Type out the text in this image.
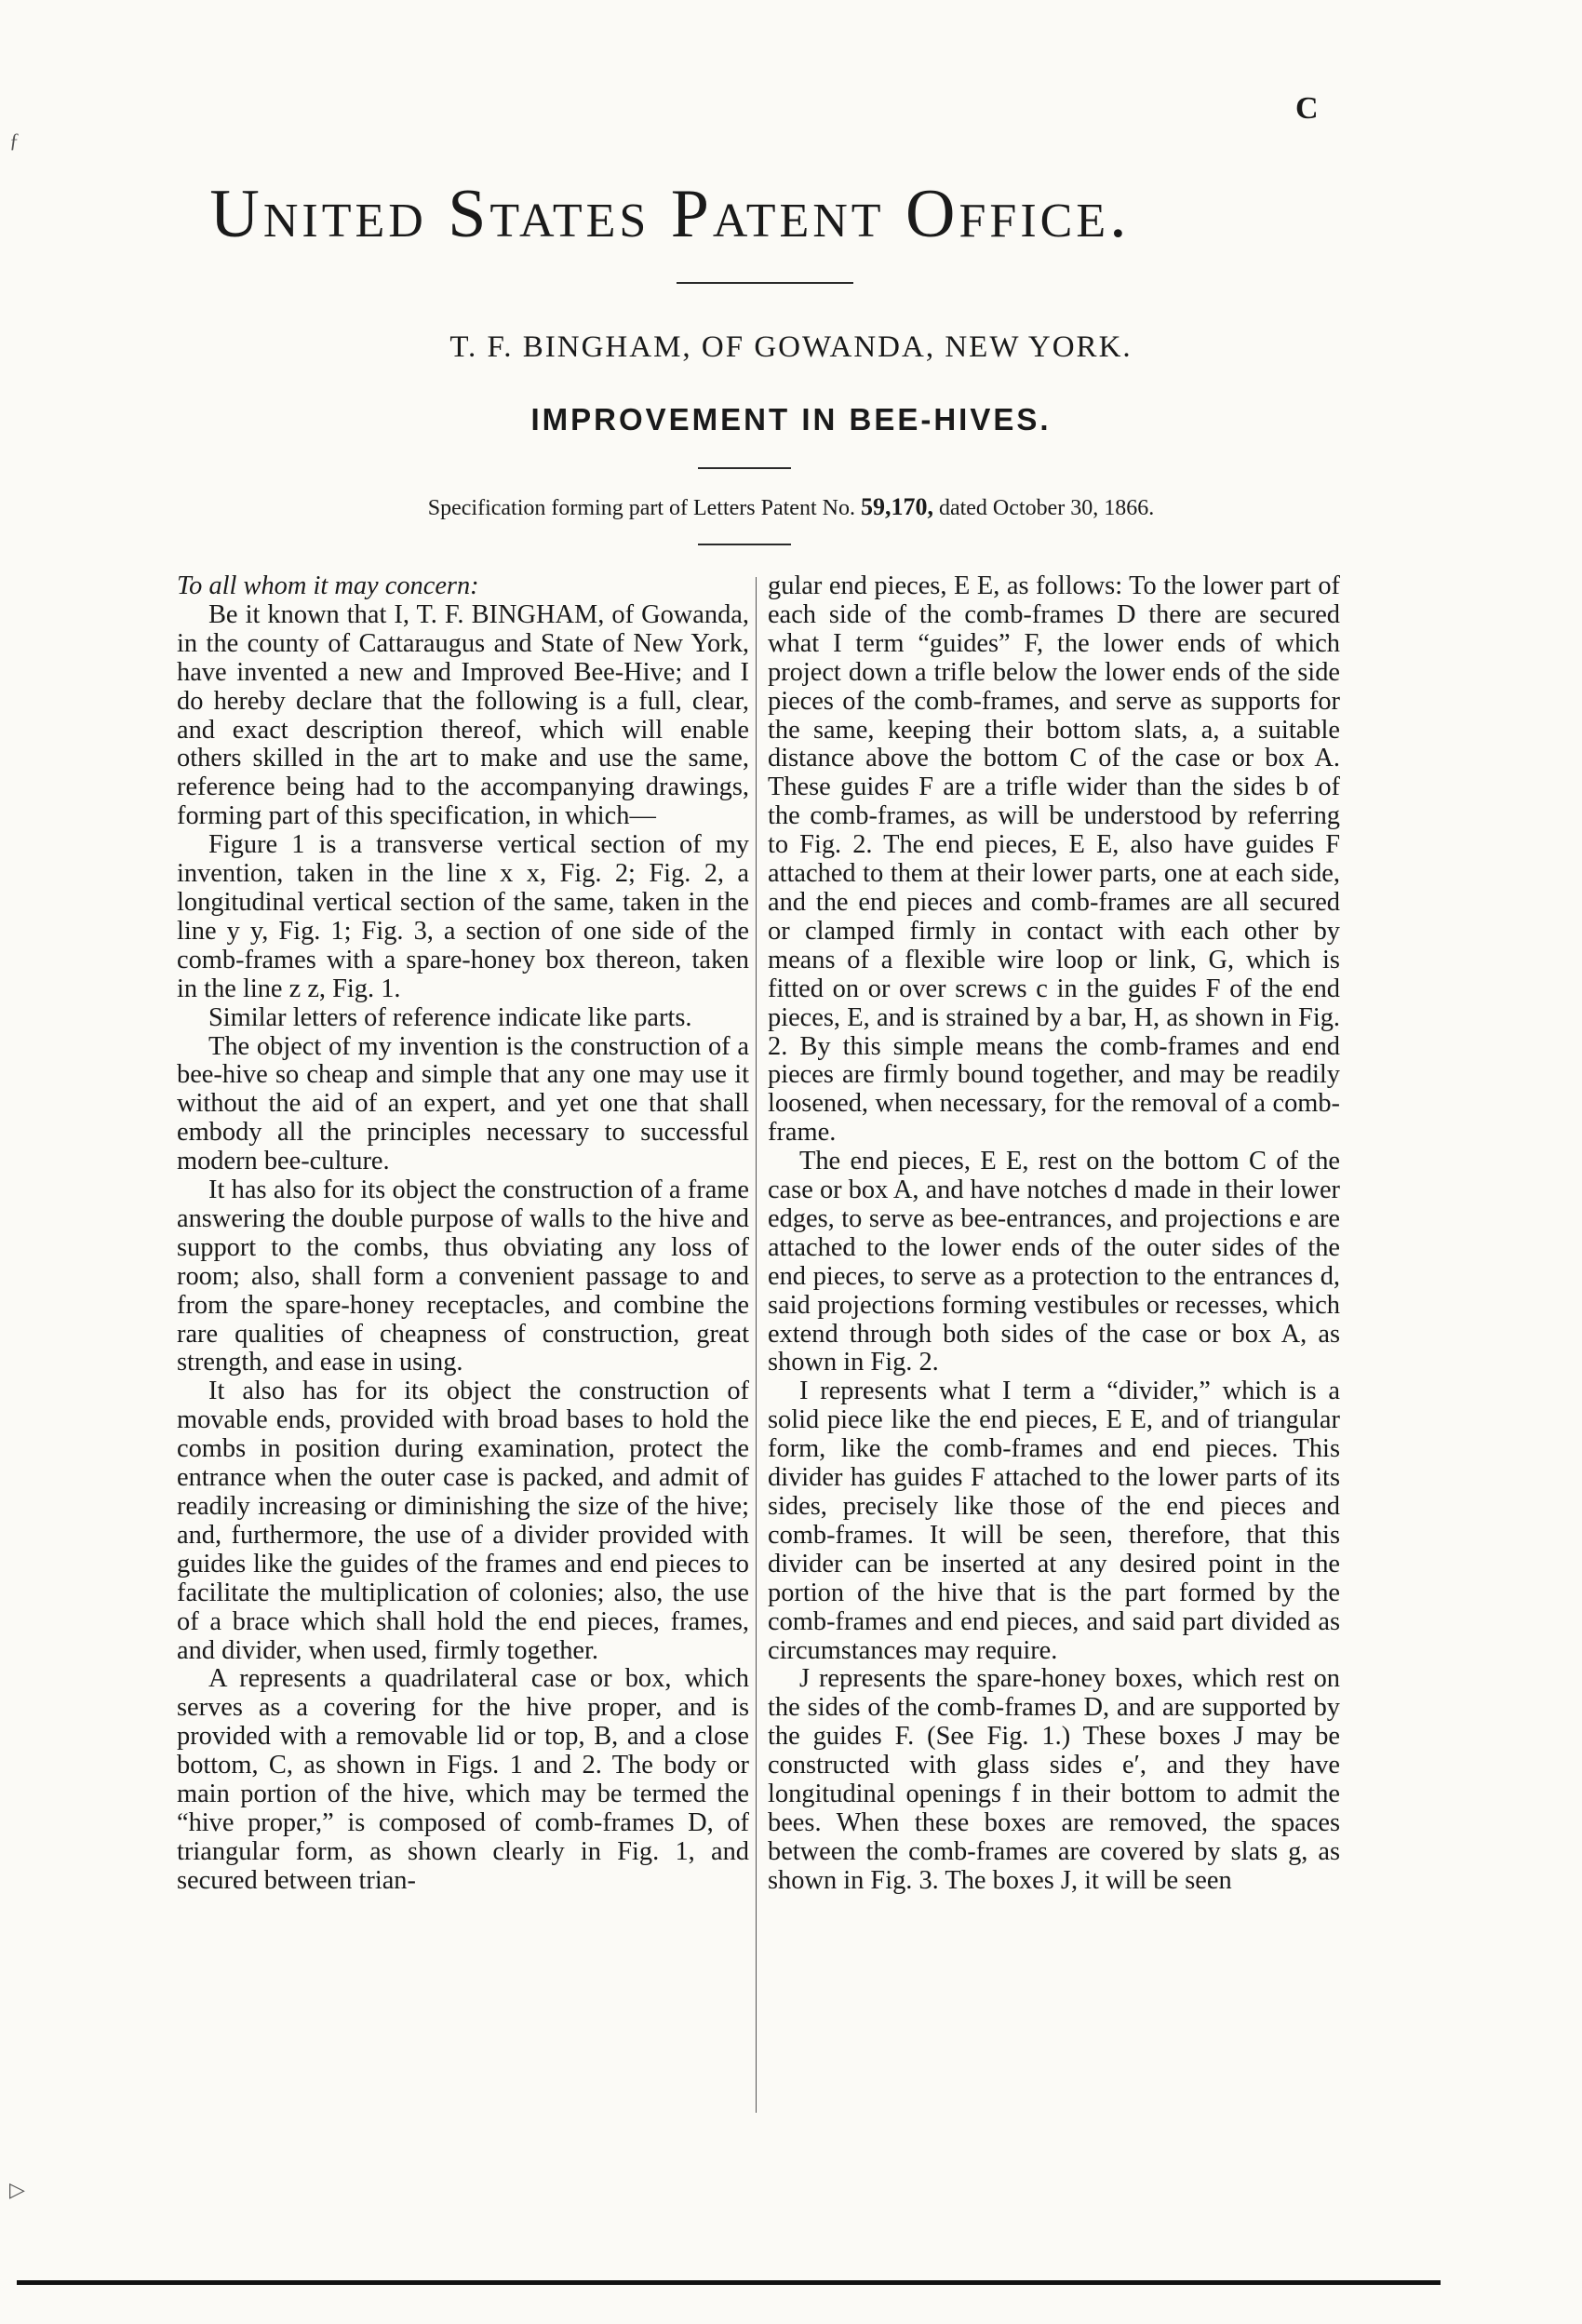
C
United States Patent Office.
T. F. BINGHAM, OF GOWANDA, NEW YORK.
IMPROVEMENT IN BEE-HIVES.
Specification forming part of Letters Patent No. 59,170, dated October 30, 1866.

To all whom it may concern:

Be it known that I, T. F. BINGHAM, of Gowanda, in the county of Cattaraugus and State of New York, have invented a new and Improved Bee-Hive; and I do hereby declare that the following is a full, clear, and exact description thereof, which will enable others skilled in the art to make and use the same, reference being had to the accompanying drawings, forming part of this specification, in which—

Figure 1 is a transverse vertical section of my invention, taken in the line x x, Fig. 2; Fig. 2, a longitudinal vertical section of the same, taken in the line y y, Fig. 1; Fig. 3, a section of one side of the comb-frames with a spare-honey box thereon, taken in the line z z, Fig. 1.

Similar letters of reference indicate like parts.

The object of my invention is the construction of a bee-hive so cheap and simple that any one may use it without the aid of an expert, and yet one that shall embody all the principles necessary to successful modern bee-culture.

It has also for its object the construction of a frame answering the double purpose of walls to the hive and support to the combs, thus obviating any loss of room; also, shall form a convenient passage to and from the spare-honey receptacles, and combine the rare qualities of cheapness of construction, great strength, and ease in using.

It also has for its object the construction of movable ends, provided with broad bases to hold the combs in position during examination, protect the entrance when the outer case is packed, and admit of readily increasing or diminishing the size of the hive; and, furthermore, the use of a divider provided with guides like the guides of the frames and end pieces to facilitate the multiplication of colonies; also, the use of a brace which shall hold the end pieces, frames, and divider, when used, firmly together.

A represents a quadrilateral case or box, which serves as a covering for the hive proper, and is provided with a removable lid or top, B, and a close bottom, C, as shown in Figs. 1 and 2. The body or main portion of the hive, which may be termed the “hive proper,” is composed of comb-frames D, of triangular form, as shown clearly in Fig. 1, and secured between trian-

gular end pieces, E E, as follows: To the lower part of each side of the comb-frames D there are secured what I term “guides” F, the lower ends of which project down a trifle below the lower ends of the side pieces of the comb-frames, and serve as supports for the same, keeping their bottom slats, a, a suitable distance above the bottom C of the case or box A. These guides F are a trifle wider than the sides b of the comb-frames, as will be understood by referring to Fig. 2. The end pieces, E E, also have guides F attached to them at their lower parts, one at each side, and the end pieces and comb-frames are all secured or clamped firmly in contact with each other by means of a flexible wire loop or link, G, which is fitted on or over screws c in the guides F of the end pieces, E, and is strained by a bar, H, as shown in Fig. 2. By this simple means the comb-frames and end pieces are firmly bound together, and may be readily loosened, when necessary, for the removal of a comb-frame.

The end pieces, E E, rest on the bottom C of the case or box A, and have notches d made in their lower edges, to serve as bee-entrances, and projections e are attached to the lower ends of the outer sides of the end pieces, to serve as a protection to the entrances d, said projections forming vestibules or recesses, which extend through both sides of the case or box A, as shown in Fig. 2.

I represents what I term a “divider,” which is a solid piece like the end pieces, E E, and of triangular form, like the comb-frames and end pieces. This divider has guides F attached to the lower parts of its sides, precisely like those of the end pieces and comb-frames. It will be seen, therefore, that this divider can be inserted at any desired point in the portion of the hive that is the part formed by the comb-frames and end pieces, and said part divided as circumstances may require.

J represents the spare-honey boxes, which rest on the sides of the comb-frames D, and are supported by the guides F. (See Fig. 1.) These boxes J may be constructed with glass sides e′, and they have longitudinal openings f in their bottom to admit the bees. When these boxes are removed, the spaces between the comb-frames are covered by slats g, as shown in Fig. 3. The boxes J, it will be seen

ƒ
▷
